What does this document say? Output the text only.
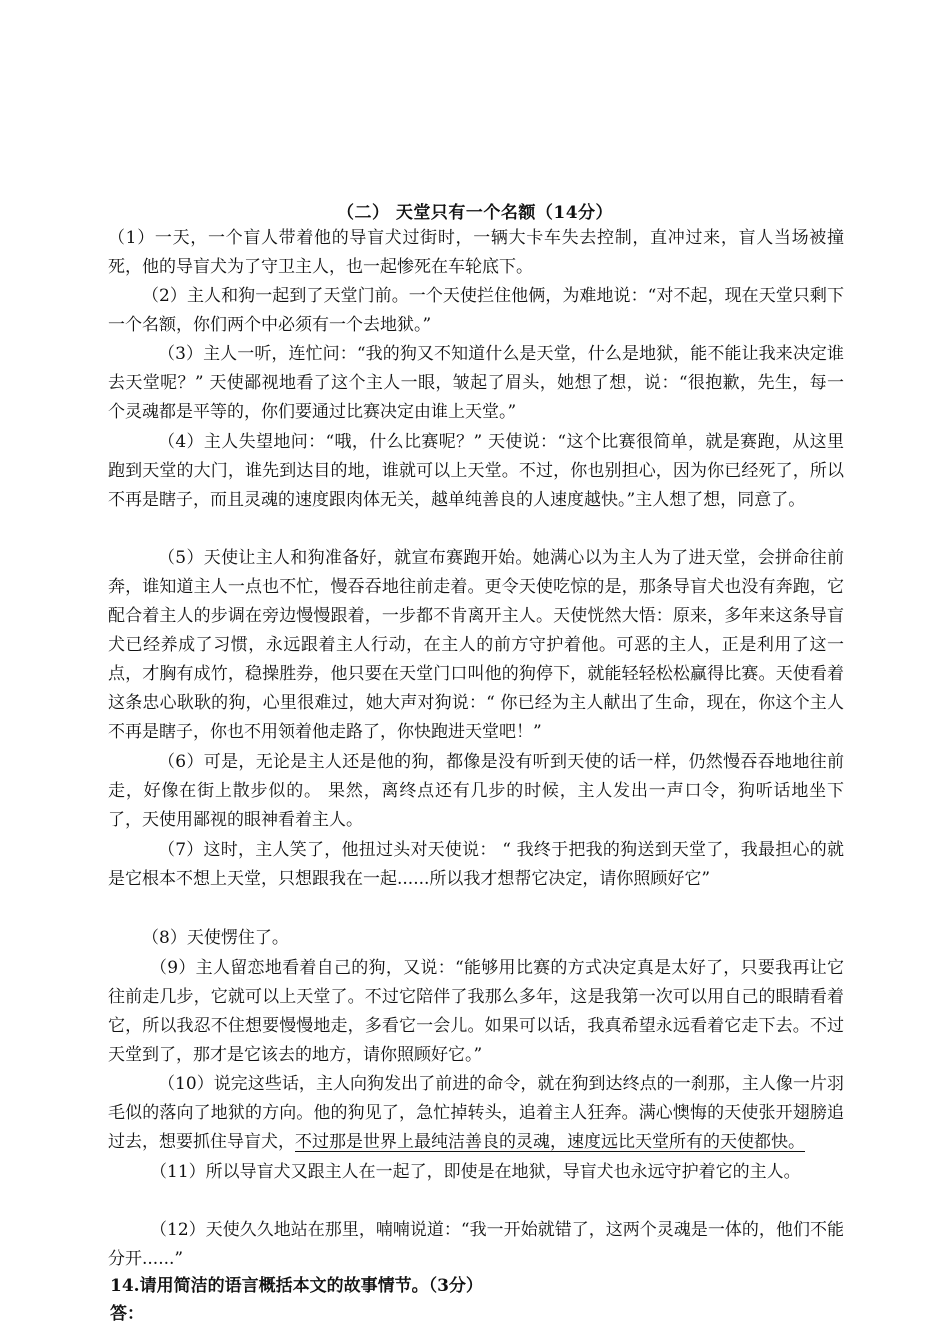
（二） 天堂只有一个名额（14分）
（1）一天，一个盲人带着他的导盲犬过街时，一辆大卡车失去控制，直冲过来，盲人当场被撞死，他的导盲犬为了守卫主人，也一起惨死在车轮底下。
（2）主人和狗一起到了天堂门前。一个天使拦住他俩，为难地说：“对不起，现在天堂只剩下一个名额，你们两个中必须有一个去地狱。”
（3）主人一听，连忙问：“我的狗又不知道什么是天堂，什么是地狱，能不能让我来决定谁去天堂呢？” 天使鄙视地看了这个主人一眼，皱起了眉头，她想了想，说：“很抱歉，先生，每一个灵魂都是平等的，你们要通过比赛决定由谁上天堂。”
（4）主人失望地问：“哦，什么比赛呢？” 天使说：“这个比赛很简单，就是赛跑，从这里跑到天堂的大门，谁先到达目的地，谁就可以上天堂。不过，你也别担心，因为你已经死了，所以不再是瞎子，而且灵魂的速度跟肉体无关，越单纯善良的人速度越快。”主人想了想，同意了。
（5）天使让主人和狗准备好，就宣布赛跑开始。她满心以为主人为了进天堂，会拼命往前奔，谁知道主人一点也不忙，慢吞吞地往前走着。更令天使吃惊的是，那条导盲犬也没有奔跑，它配合着主人的步调在旁边慢慢跟着，一步都不肯离开主人。天使恍然大悟：原来，多年来这条导盲犬已经养成了习惯，永远跟着主人行动，在主人的前方守护着他。可恶的主人，正是利用了这一点，才胸有成竹，稳操胜券，他只要在天堂门口叫他的狗停下，就能轻轻松松赢得比赛。天使看着这条忠心耿耿的狗，心里很难过，她大声对狗说：“ 你已经为主人献出了生命，现在，你这个主人不再是瞎子，你也不用领着他走路了，你快跑进天堂吧！”
（6）可是，无论是主人还是他的狗，都像是没有听到天使的话一样，仍然慢吞吞地地往前走，好像在街上散步似的。 果然，离终点还有几步的时候，主人发出一声口令，狗听话地坐下了，天使用鄙视的眼神看着主人。
（7）这时，主人笑了，他扭过头对天使说： “ 我终于把我的狗送到天堂了，我最担心的就是它根本不想上天堂，只想跟我在一起......所以我才想帮它决定，请你照顾好它”
（8）天使愣住了。
（9）主人留恋地看着自己的狗，又说：“能够用比赛的方式决定真是太好了，只要我再让它往前走几步，它就可以上天堂了。不过它陪伴了我那么多年，这是我第一次可以用自己的眼睛看着它，所以我忍不住想要慢慢地走，多看它一会儿。如果可以话，我真希望永远看着它走下去。不过天堂到了，那才是它该去的地方，请你照顾好它。”
（10）说完这些话，主人向狗发出了前进的命令，就在狗到达终点的一刹那，主人像一片羽毛似的落向了地狱的方向。他的狗见了，急忙掉转头，追着主人狂奔。满心懊悔的天使张开翅膀追过去，想要抓住导盲犬，不过那是世界上最纯洁善良的灵魂，速度远比天堂所有的天使都快。
（11）所以导盲犬又跟主人在一起了，即使是在地狱，导盲犬也永远守护着它的主人。
（12）天使久久地站在那里，喃喃说道：“我一开始就错了，这两个灵魂是一体的，他们不能分开......”
14.请用简洁的语言概括本文的故事情节。（3分）
答：
